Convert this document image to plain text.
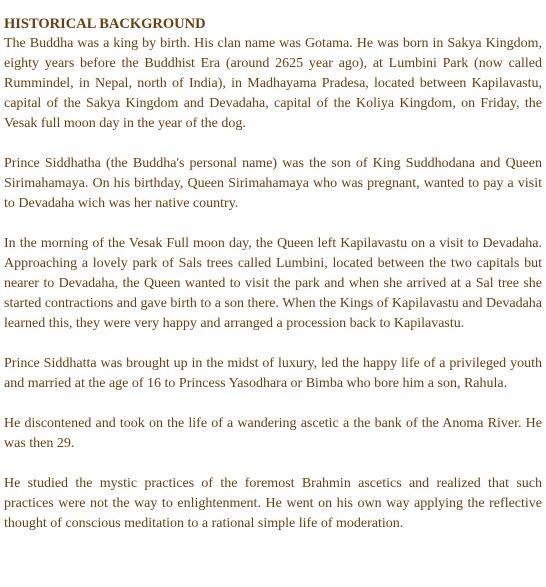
HISTORICAL BACKGROUND

The Buddha was a king by birth. His clan name was Gotama. He was born in Sakya Kingdom, eighty years before the Buddhist Era (around 2625 year ago), at Lumbini Park (now called Rummindel, in Nepal, north of India), in Madhayama Pradesa, located between Kapilavastu, capital of the Sakya Kingdom and Devadaha, capital of the Koliya Kingdom, on Friday, the Vesak full moon day in the year of the dog.

Prince Siddhatha (the Buddha's personal name) was the son of King Suddhodana and Queen Sirimahamaya. On his birthday, Queen Sirimahamaya who was pregnant, wanted to pay a visit to Devadaha wich was her native country.

In the morning of the Vesak Full moon day, the Queen left Kapilavastu on a visit to Devadaha. Approaching a lovely park of Sals trees called Lumbini, located between the two capitals but nearer to Devadaha, the Queen wanted to visit the park and when she arrived at a Sal tree she started contractions and gave birth to a son there. When the Kings of Kapilavastu and Devadaha learned this, they were very happy and arranged a procession back to Kapilavastu.

Prince Siddhatta was brought up in the midst of luxury, led the happy life of a privileged youth and married at the age of 16 to Princess Yasodhara or Bimba who bore him a son, Rahula.

He discontened and took on the life of a wandering ascetic a the bank of the Anoma River. He was then 29.

He studied the mystic practices of the foremost Brahmin ascetics and realized that such practices were not the way to enlightenment. He went on his own way applying the reflective thought of conscious meditation to a rational simple life of moderation.
